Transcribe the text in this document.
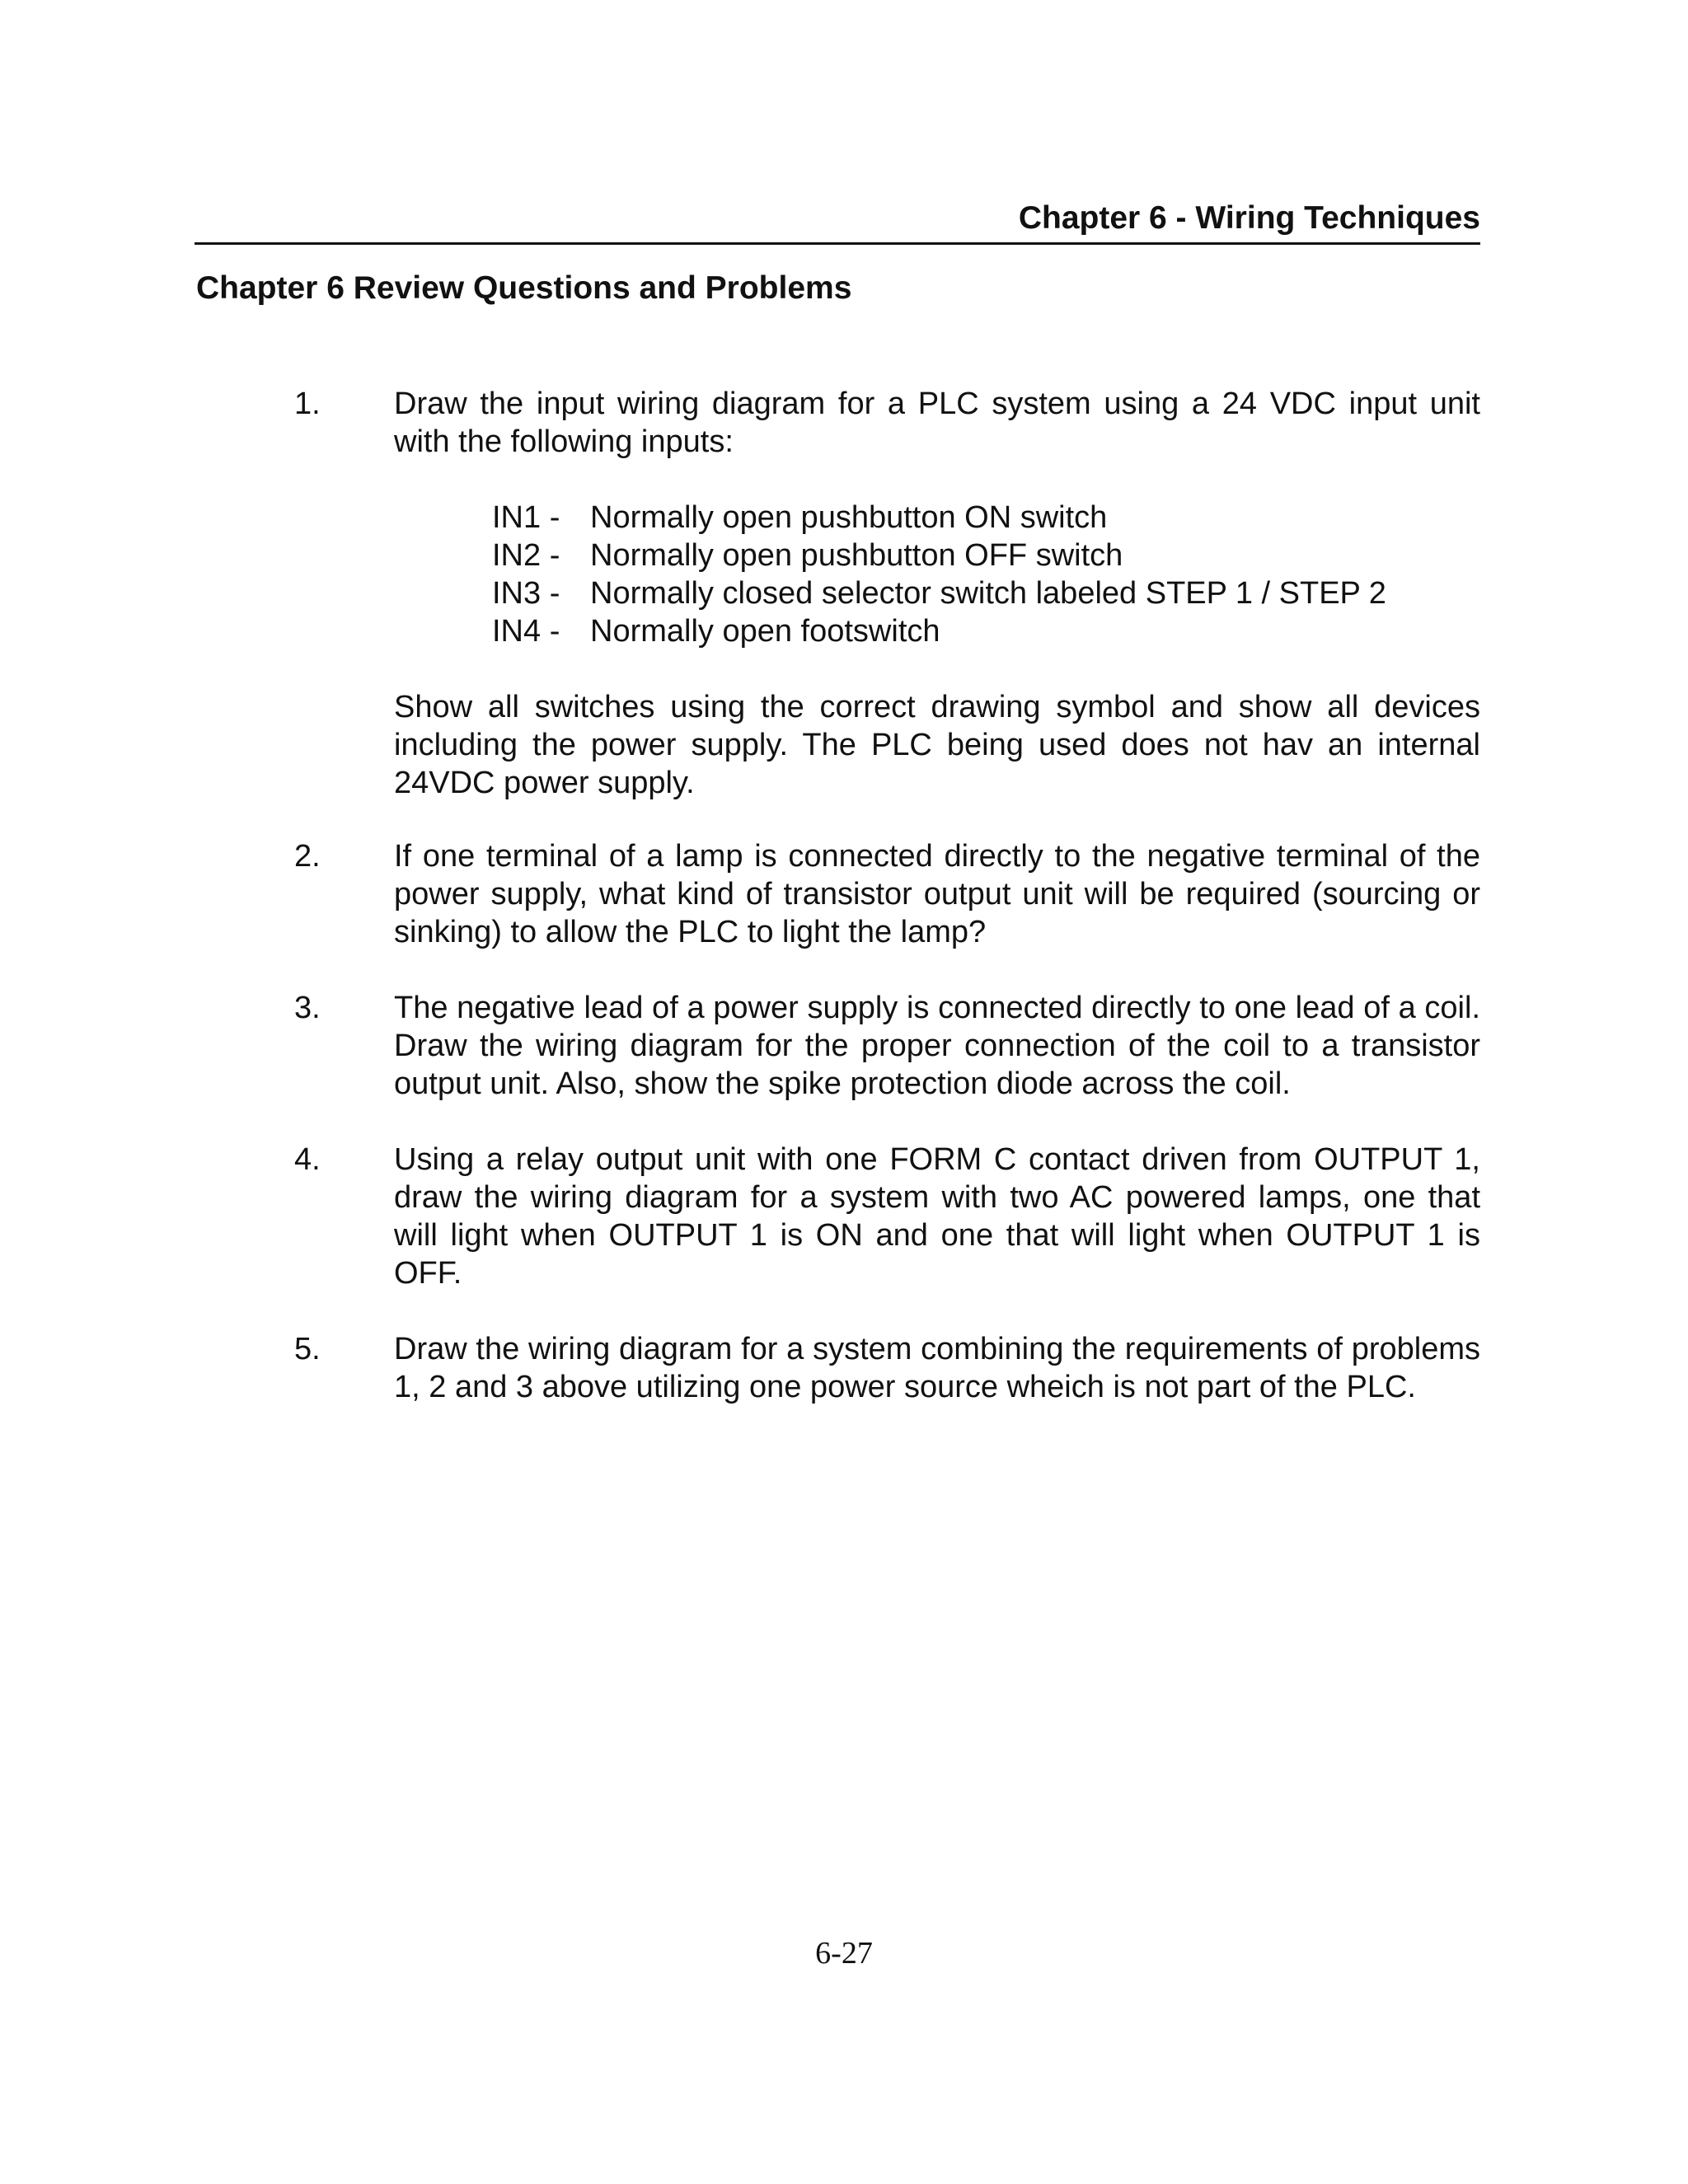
Chapter 6 - Wiring Techniques
Chapter 6 Review Questions and Problems
1. Draw the input wiring diagram for a PLC system using a 24 VDC input unit with the following inputs:

IN1 - Normally open pushbutton ON switch
IN2 - Normally open pushbutton OFF switch
IN3 - Normally closed selector switch labeled STEP 1 / STEP 2
IN4 - Normally open footswitch

Show all switches using the correct drawing symbol and show all devices including the power supply. The PLC being used does not hav an internal 24VDC power supply.

2. If one terminal of a lamp is connected directly to the negative terminal of the power supply, what kind of transistor output unit will be required (sourcing or sinking) to allow the PLC to light the lamp?

3. The negative lead of a power supply is connected directly to one lead of a coil. Draw the wiring diagram for the proper connection of the coil to a transistor output unit. Also, show the spike protection diode across the coil.

4. Using a relay output unit with one FORM C contact driven from OUTPUT 1, draw the wiring diagram for a system with two AC powered lamps, one that will light when OUTPUT 1 is ON and one that will light when OUTPUT 1 is OFF.

5. Draw the wiring diagram for a system combining the requirements of problems 1, 2 and 3 above utilizing one power source wheich is not part of the PLC.

6-27
